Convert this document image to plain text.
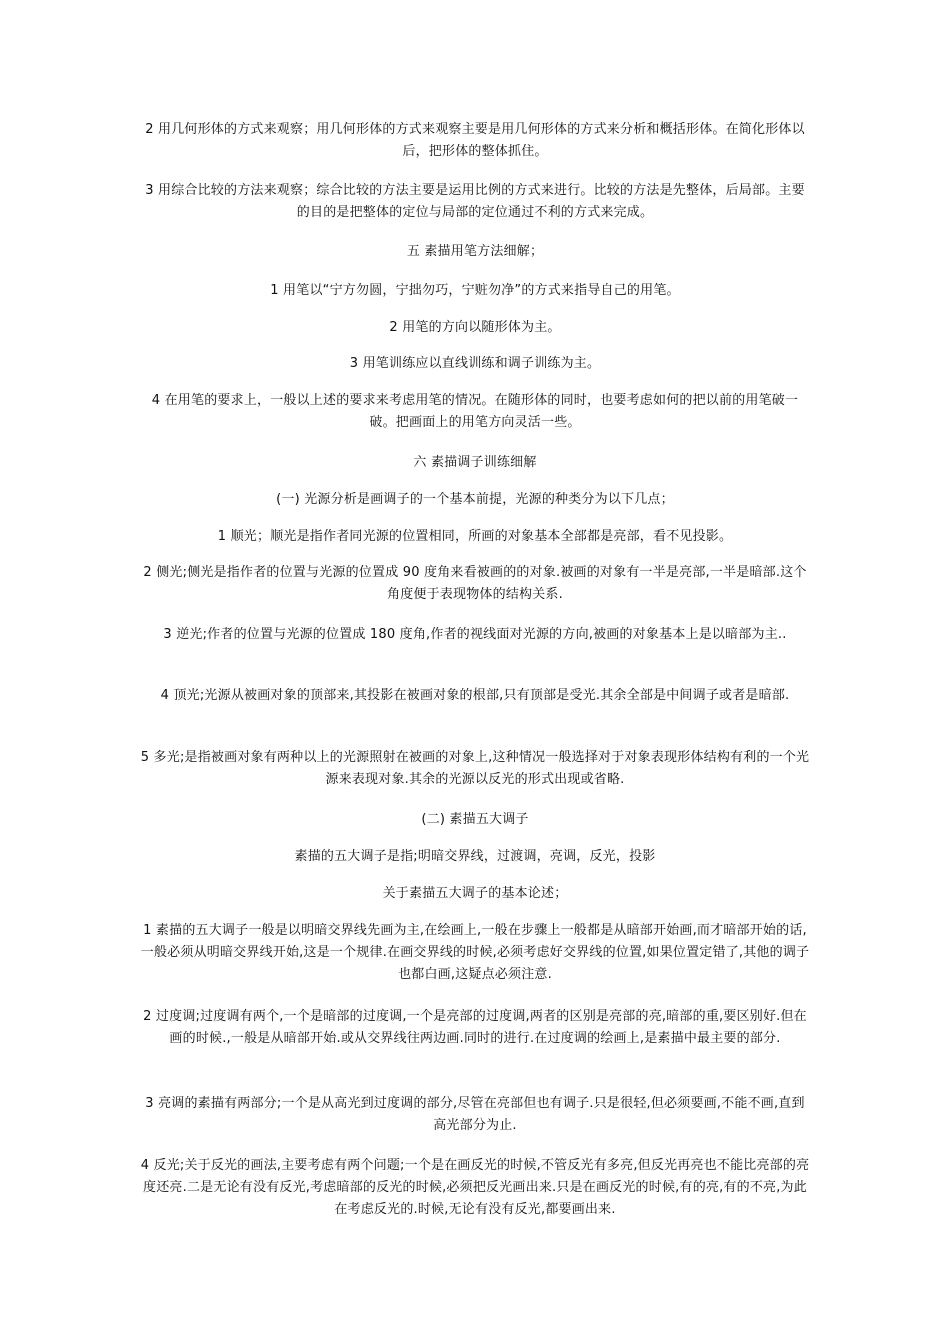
2 用几何形体的方式来观察；用几何形体的方式来观察主要是用几何形体的方式来分析和概括形体。在简化形体以后，把形体的整体抓住。

3 用综合比较的方法来观察；综合比较的方法主要是运用比例的方式来进行。比较的方法是先整体，后局部。主要的目的是把整体的定位与局部的定位通过不利的方式来完成。

五 素描用笔方法细解；

1 用笔以“宁方勿圆，宁拙勿巧，宁赃勿净”的方式来指导自己的用笔。

2 用笔的方向以随形体为主。

3 用笔训练应以直线训练和调子训练为主。

4 在用笔的要求上，一般以上述的要求来考虑用笔的情况。在随形体的同时，也要考虑如何的把以前的用笔破一破。把画面上的用笔方向灵活一些。

六 素描调子训练细解

(一) 光源分析是画调子的一个基本前提，光源的种类分为以下几点；

1 顺光；顺光是指作者同光源的位置相同，所画的对象基本全部都是亮部，看不见投影。

2 侧光;侧光是指作者的位置与光源的位置成 90 度角来看被画的的对象.被画的对象有一半是亮部,一半是暗部.这个角度便于表现物体的结构关系.

3 逆光;作者的位置与光源的位置成 180 度角,作者的视线面对光源的方向,被画的对象基本上是以暗部为主..

4 顶光;光源从被画对象的顶部来,其投影在被画对象的根部,只有顶部是受光.其余全部是中间调子或者是暗部.

5 多光;是指被画对象有两种以上的光源照射在被画的对象上,这种情况一般选择对于对象表现形体结构有利的一个光源来表现对象.其余的光源以反光的形式出现或省略.

(二) 素描五大调子

素描的五大调子是指;明暗交界线，过渡调，亮调，反光，投影

关于素描五大调子的基本论述；

1 素描的五大调子一般是以明暗交界线先画为主,在绘画上,一般在步骤上一般都是从暗部开始画,而才暗部开始的话,一般必须从明暗交界线开始,这是一个规律.在画交界线的时候,必须考虑好交界线的位置,如果位置定错了,其他的调子也都白画,这疑点必须注意.

2 过度调;过度调有两个,一个是暗部的过度调,一个是亮部的过度调,两者的区别是亮部的亮,暗部的重,要区别好.但在画的时候.,一般是从暗部开始.或从交界线往两边画.同时的进行.在过度调的绘画上,是素描中最主要的部分.

3 亮调的素描有两部分;一个是从高光到过度调的部分,尽管在亮部但也有调子.只是很轻,但必须要画,不能不画,直到高光部分为止.

4 反光;关于反光的画法,主要考虑有两个问题;一个是在画反光的时候,不管反光有多亮,但反光再亮也不能比亮部的亮度还亮.二是无论有没有反光,考虑暗部的反光的时候,必须把反光画出来.只是在画反光的时候,有的亮,有的不亮,为此在考虑反光的.时候,无论有没有反光,都要画出来.
